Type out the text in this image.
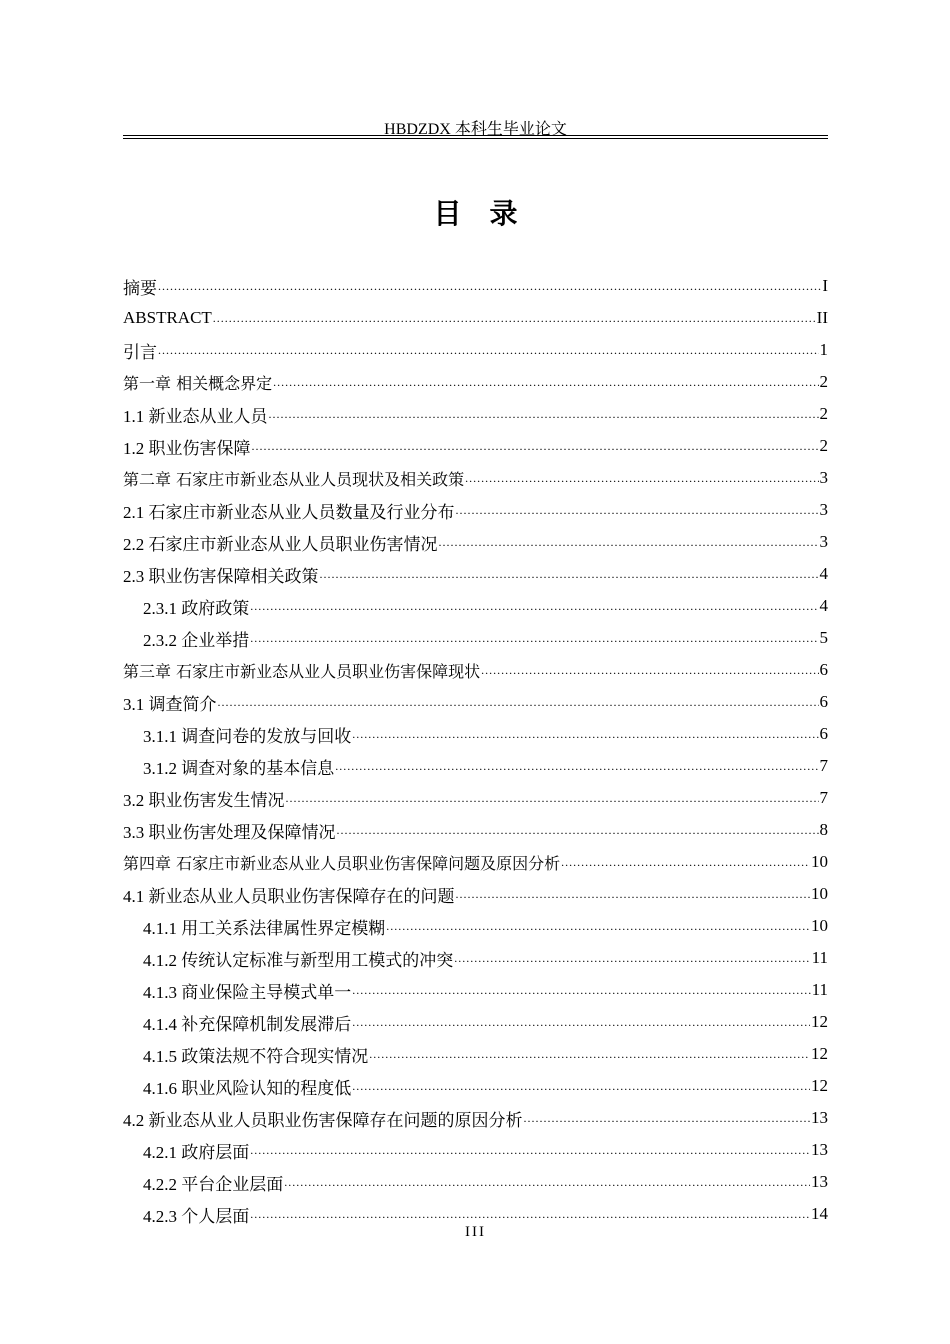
HBDZDX 本科生毕业论文
目　录
摘要 .....	I
ABSTRACT .....	II
引言 .....	1
第一章 相关概念界定 .....	2
1.1 新业态从业人员 .....	2
1.2 职业伤害保障 .....	2
第二章 石家庄市新业态从业人员现状及相关政策 .....	3
2.1 石家庄市新业态从业人员数量及行业分布 .....	3
2.2 石家庄市新业态从业人员职业伤害情况 .....	3
2.3 职业伤害保障相关政策 .....	4
2.3.1 政府政策 .....	4
2.3.2 企业举措 .....	5
第三章 石家庄市新业态从业人员职业伤害保障现状 .....	6
3.1 调查简介 .....	6
3.1.1 调查问卷的发放与回收 .....	6
3.1.2 调查对象的基本信息 .....	7
3.2 职业伤害发生情况 .....	7
3.3 职业伤害处理及保障情况 .....	8
第四章 石家庄市新业态从业人员职业伤害保障问题及原因分析 .....	10
4.1 新业态从业人员职业伤害保障存在的问题 .....	10
4.1.1 用工关系法律属性界定模糊 .....	10
4.1.2 传统认定标准与新型用工模式的冲突 .....	11
4.1.3 商业保险主导模式单一 .....	11
4.1.4 补充保障机制发展滞后 .....	12
4.1.5 政策法规不符合现实情况 .....	12
4.1.6 职业风险认知的程度低 .....	12
4.2 新业态从业人员职业伤害保障存在问题的原因分析 .....	13
4.2.1 政府层面 .....	13
4.2.2 平台企业层面 .....	13
4.2.3 个人层面 .....	14
III
